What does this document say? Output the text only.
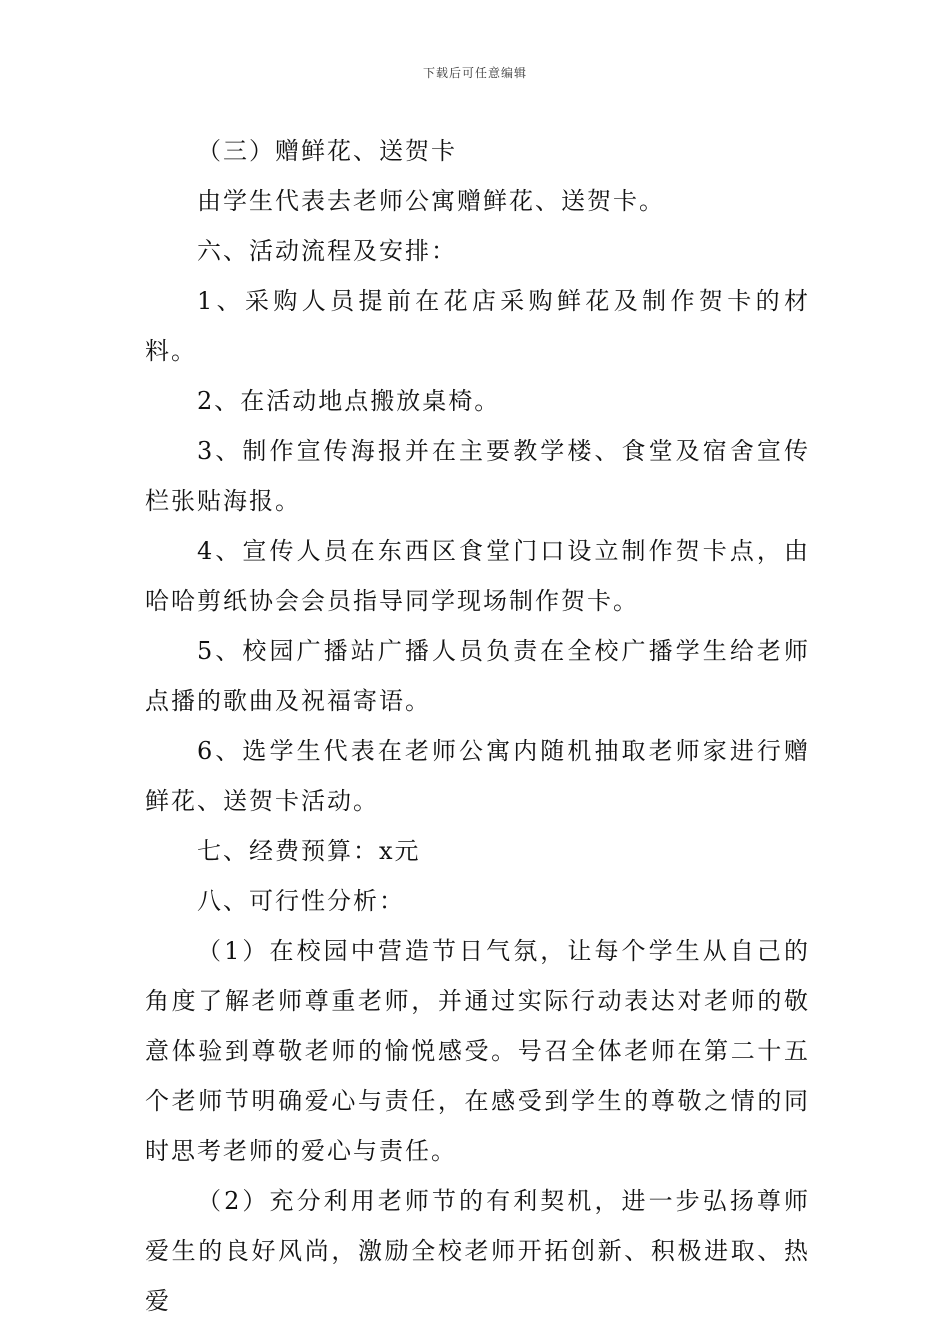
下载后可任意编辑

（三）赠鲜花、送贺卡

由学生代表去老师公寓赠鲜花、送贺卡。

六、活动流程及安排：

1、采购人员提前在花店采购鲜花及制作贺卡的材料。

2、在活动地点搬放桌椅。

3、制作宣传海报并在主要教学楼、食堂及宿舍宣传栏张贴海报。

4、宣传人员在东西区食堂门口设立制作贺卡点，由哈哈剪纸协会会员指导同学现场制作贺卡。

5、校园广播站广播人员负责在全校广播学生给老师点播的歌曲及祝福寄语。

6、选学生代表在老师公寓内随机抽取老师家进行赠鲜花、送贺卡活动。

七、经费预算：x元

八、可行性分析：

（1）在校园中营造节日气氛，让每个学生从自己的角度了解老师尊重老师，并通过实际行动表达对老师的敬意体验到尊敬老师的愉悦感受。号召全体老师在第二十五个老师节明确爱心与责任，在感受到学生的尊敬之情的同时思考老师的爱心与责任。

（2）充分利用老师节的有利契机，进一步弘扬尊师爱生的良好风尚，激励全校老师开拓创新、积极进取、热爱
